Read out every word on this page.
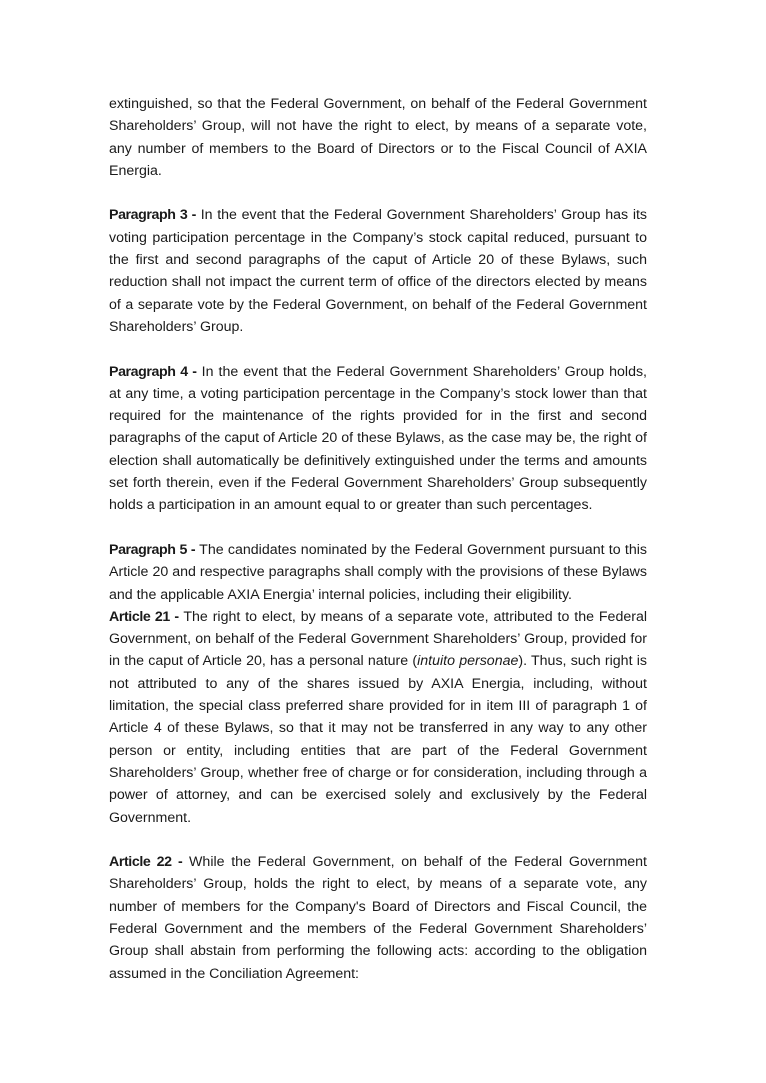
extinguished, so that the Federal Government, on behalf of the Federal Government Shareholders’ Group, will not have the right to elect, by means of a separate vote, any number of members to the Board of Directors or to the Fiscal Council of AXIA Energia.

Paragraph 3 - In the event that the Federal Government Shareholders’ Group has its voting participation percentage in the Company’s stock capital reduced, pursuant to the first and second paragraphs of the caput of Article 20 of these Bylaws, such reduction shall not impact the current term of office of the directors elected by means of a separate vote by the Federal Government, on behalf of the Federal Government Shareholders’ Group.

Paragraph 4 - In the event that the Federal Government Shareholders’ Group holds, at any time, a voting participation percentage in the Company’s stock lower than that required for the maintenance of the rights provided for in the first and second paragraphs of the caput of Article 20 of these Bylaws, as the case may be, the right of election shall automatically be definitively extinguished under the terms and amounts set forth therein, even if the Federal Government Shareholders’ Group subsequently holds a participation in an amount equal to or greater than such percentages.

Paragraph 5 - The candidates nominated by the Federal Government pursuant to this Article 20 and respective paragraphs shall comply with the provisions of these Bylaws and the applicable AXIA Energia’ internal policies, including their eligibility.

Article 21 - The right to elect, by means of a separate vote, attributed to the Federal Government, on behalf of the Federal Government Shareholders’ Group, provided for in the caput of Article 20, has a personal nature (intuito personae). Thus, such right is not attributed to any of the shares issued by AXIA Energia, including, without limitation, the special class preferred share provided for in item III of paragraph 1 of Article 4 of these Bylaws, so that it may not be transferred in any way to any other person or entity, including entities that are part of the Federal Government Shareholders’ Group, whether free of charge or for consideration, including through a power of attorney, and can be exercised solely and exclusively by the Federal Government.

Article 22 - While the Federal Government, on behalf of the Federal Government Shareholders’ Group, holds the right to elect, by means of a separate vote, any number of members for the Company's Board of Directors and Fiscal Council, the Federal Government and the members of the Federal Government Shareholders’ Group shall abstain from performing the following acts: according to the obligation assumed in the Conciliation Agreement:
